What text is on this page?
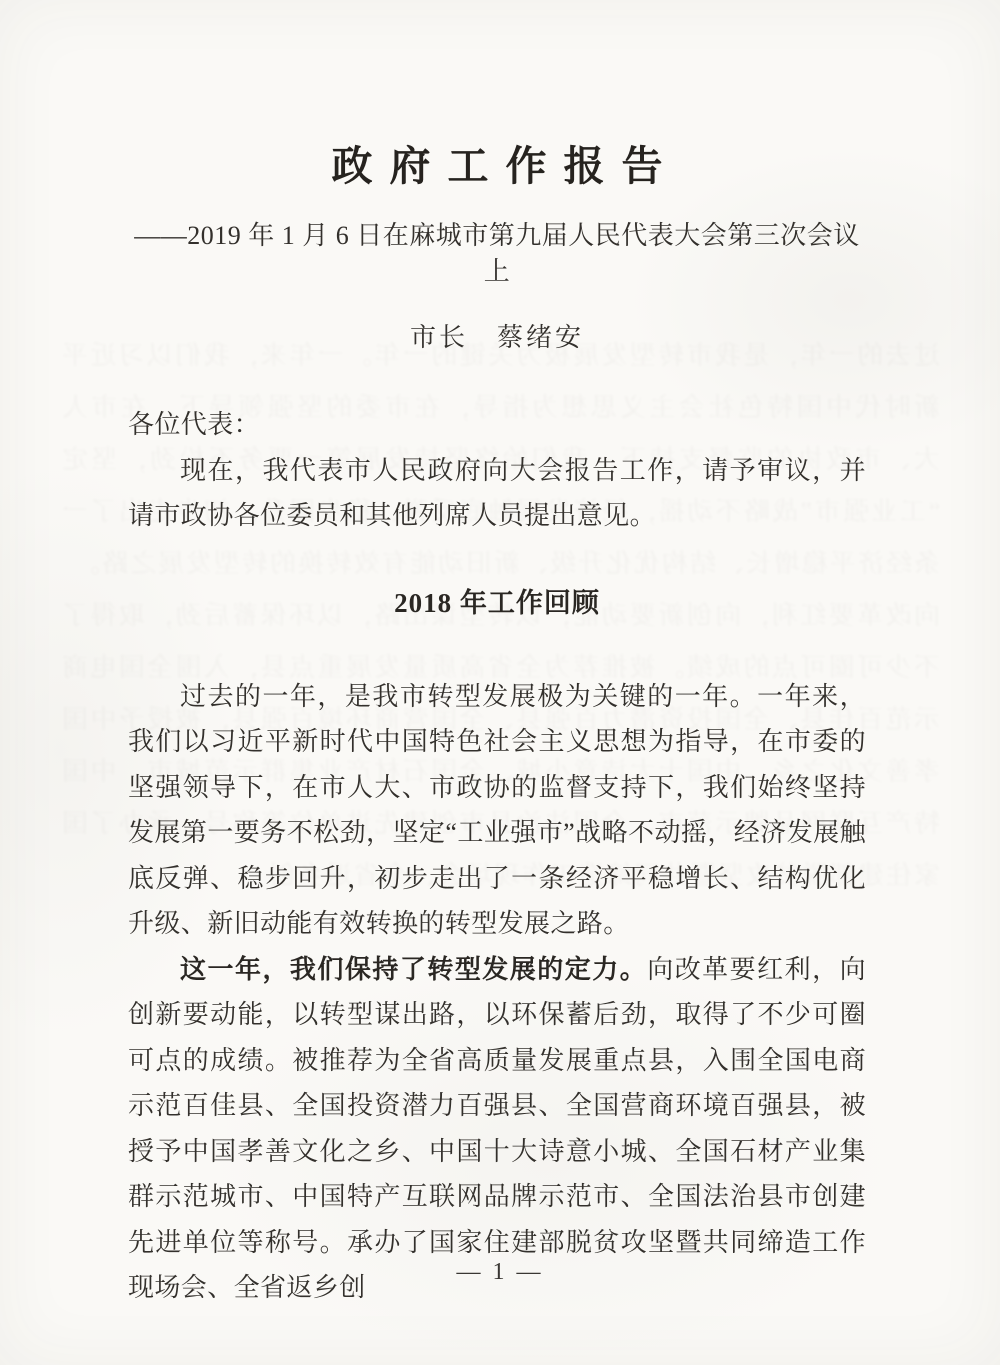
政府工作报告
——2019 年 1 月 6 日在麻城市第九届人民代表大会第三次会议上
市长　蔡绪安
各位代表：

现在，我代表市人民政府向大会报告工作，请予审议，并请市政协各位委员和其他列席人员提出意见。

2018 年工作回顾

过去的一年，是我市转型发展极为关键的一年。一年来，我们以习近平新时代中国特色社会主义思想为指导，在市委的坚强领导下，在市人大、市政协的监督支持下，我们始终坚持发展第一要务不松劲，坚定“工业强市”战略不动摇，经济发展触底反弹、稳步回升，初步走出了一条经济平稳增长、结构优化升级、新旧动能有效转换的转型发展之路。

这一年，我们保持了转型发展的定力。向改革要红利，向创新要动能，以转型谋出路，以环保蓄后劲，取得了不少可圈可点的成绩。被推荐为全省高质量发展重点县，入围全国电商示范百佳县、全国投资潜力百强县、全国营商环境百强县，被授予中国孝善文化之乡、中国十大诗意小城、全国石材产业集群示范城市、中国特产互联网品牌示范市、全国法治县市创建先进单位等称号。承办了国家住建部脱贫攻坚暨共同缔造工作现场会、全省返乡创

— 1 —
